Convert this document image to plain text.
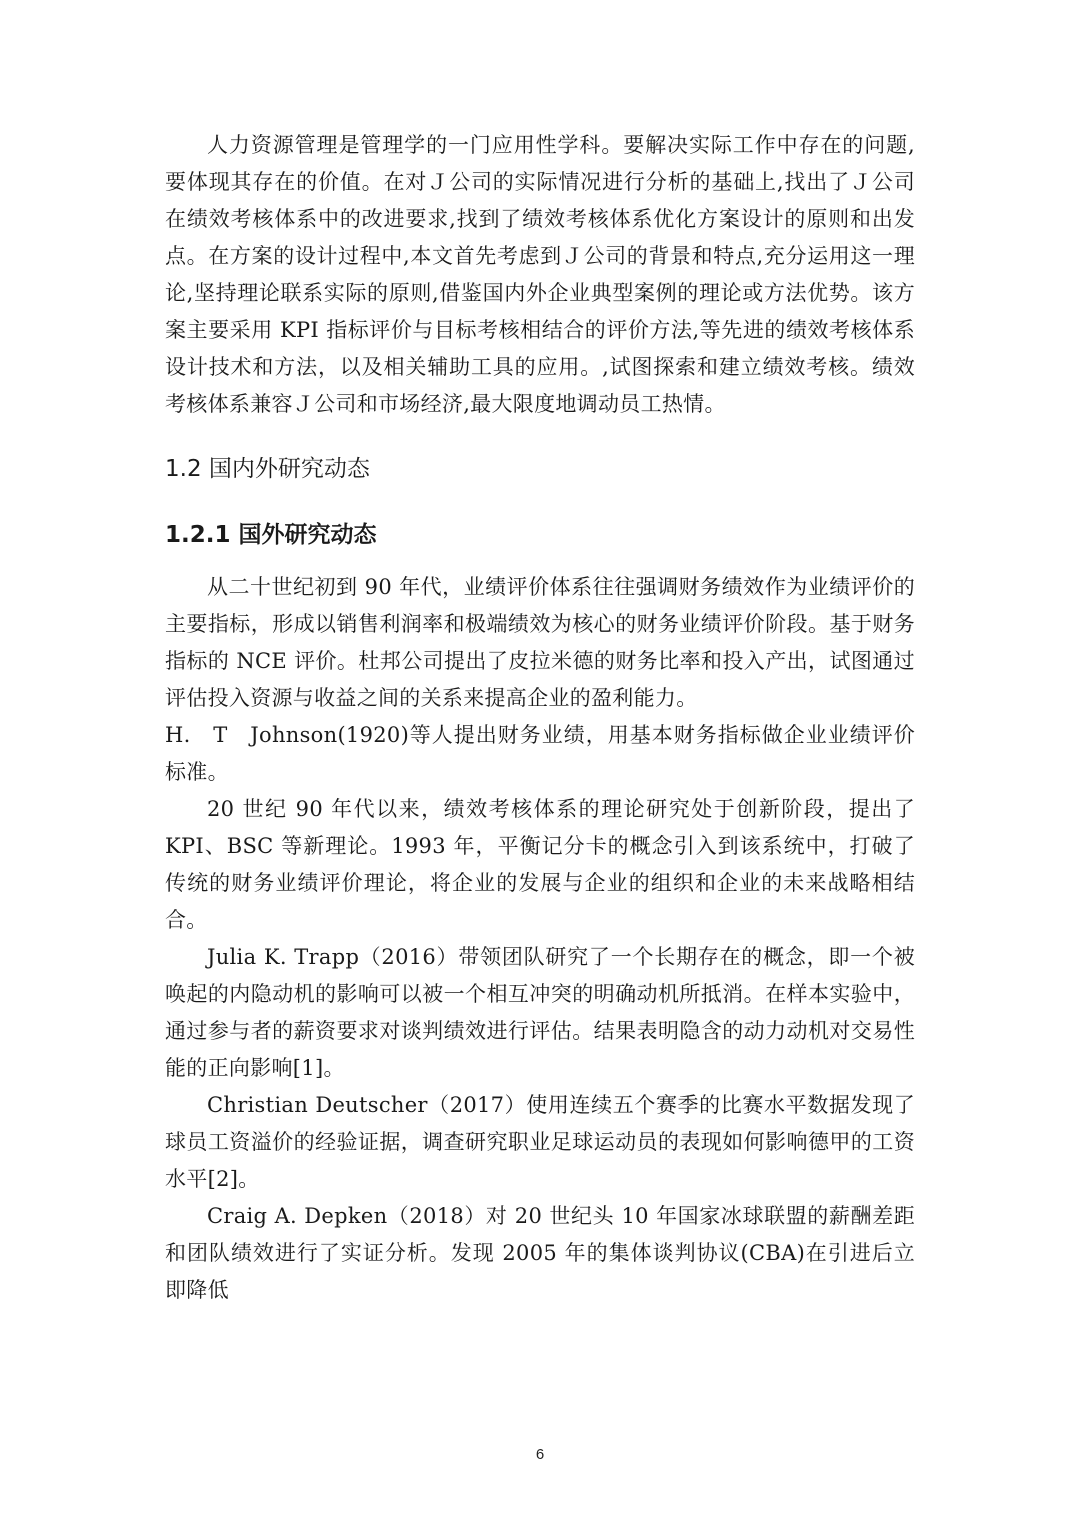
人力资源管理是管理学的一门应用性学科。要解决实际工作中存在的问题,要体现其存在的价值。在对Ｊ公司的实际情况进行分析的基础上,找出了Ｊ公司在绩效考核体系中的改进要求,找到了绩效考核体系优化方案设计的原则和出发点。在方案的设计过程中,本文首先考虑到Ｊ公司的背景和特点,充分运用这一理论,坚持理论联系实际的原则,借鉴国内外企业典型案例的理论或方法优势。该方案主要采用 KPI 指标评价与目标考核相结合的评价方法,等先进的绩效考核体系设计技术和方法，以及相关辅助工具的应用。,试图探索和建立绩效考核。绩效考核体系兼容Ｊ公司和市场经济,最大限度地调动员工热情。

1.2 国内外研究动态
1.2.1 国外研究动态

从二十世纪初到 90 年代，业绩评价体系往往强调财务绩效作为业绩评价的主要指标，形成以销售利润率和极端绩效为核心的财务业绩评价阶段。基于财务指标的 NCE 评价。杜邦公司提出了皮拉米德的财务比率和投入产出，试图通过评估投入资源与收益之间的关系来提高企业的盈利能力。

H.　T　Johnson(1920)等人提出财务业绩，用基本财务指标做企业业绩评价标准。

20 世纪 90 年代以来，绩效考核体系的理论研究处于创新阶段，提出了 KPI、BSC 等新理论。1993 年，平衡记分卡的概念引入到该系统中，打破了传统的财务业绩评价理论，将企业的发展与企业的组织和企业的未来战略相结合。

Julia K. Trapp（2016）带领团队研究了一个长期存在的概念，即一个被唤起的内隐动机的影响可以被一个相互冲突的明确动机所抵消。在样本实验中，通过参与者的薪资要求对谈判绩效进行评估。结果表明隐含的动力动机对交易性能的正向影响[1]。

Christian Deutscher（2017）使用连续五个赛季的比赛水平数据发现了球员工资溢价的经验证据，调查研究职业足球运动员的表现如何影响德甲的工资水平[2]。

Craig A. Depken（2018）对 20 世纪头 10 年国家冰球联盟的薪酬差距和团队绩效进行了实证分析。发现 2005 年的集体谈判协议(CBA)在引进后立即降低

6
